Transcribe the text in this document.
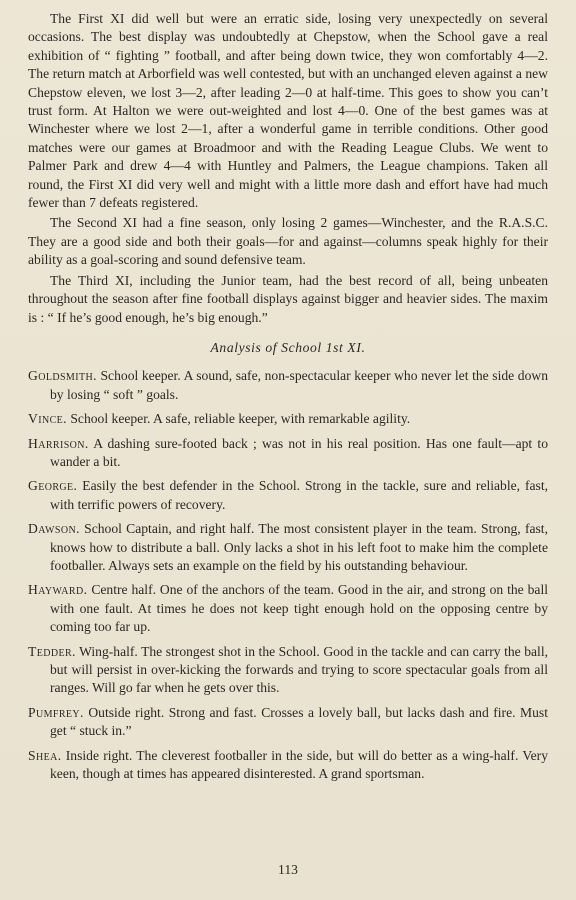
The First XI did well but were an erratic side, losing very unexpectedly on several occasions. The best display was undoubtedly at Chepstow, when the School gave a real exhibition of “ fighting ” football, and after being down twice, they won comfortably 4—2. The return match at Arborfield was well contested, but with an unchanged eleven against a new Chepstow eleven, we lost 3—2, after leading 2—0 at half-time. This goes to show you can’t trust form. At Halton we were out-weighted and lost 4—0. One of the best games was at Winchester where we lost 2—1, after a wonderful game in terrible conditions. Other good matches were our games at Broadmoor and with the Reading League Clubs. We went to Palmer Park and drew 4—4 with Huntley and Palmers, the League champions. Taken all round, the First XI did very well and might with a little more dash and effort have had much fewer than 7 defeats registered.

The Second XI had a fine season, only losing 2 games—Winchester, and the R.A.S.C. They are a good side and both their goals—for and against—columns speak highly for their ability as a goal-scoring and sound defensive team.

The Third XI, including the Junior team, had the best record of all, being unbeaten throughout the season after fine football displays against bigger and heavier sides. The maxim is : “ If he’s good enough, he’s big enough.”

Analysis of School 1st XI.

Goldsmith. School keeper. A sound, safe, non-spectacular keeper who never let the side down by losing “ soft ” goals.

Vince. School keeper. A safe, reliable keeper, with remarkable agility.

Harrison. A dashing sure-footed back ; was not in his real position. Has one fault—apt to wander a bit.

George. Easily the best defender in the School. Strong in the tackle, sure and reliable, fast, with terrific powers of recovery.

Dawson. School Captain, and right half. The most consistent player in the team. Strong, fast, knows how to distribute a ball. Only lacks a shot in his left foot to make him the complete footballer. Always sets an example on the field by his outstanding behaviour.

Hayward. Centre half. One of the anchors of the team. Good in the air, and strong on the ball with one fault. At times he does not keep tight enough hold on the opposing centre by coming too far up.

Tedder. Wing-half. The strongest shot in the School. Good in the tackle and can carry the ball, but will persist in over-kicking the forwards and trying to score spectacular goals from all ranges. Will go far when he gets over this.

Pumfrey. Outside right. Strong and fast. Crosses a lovely ball, but lacks dash and fire. Must get “ stuck in.”

Shea. Inside right. The cleverest footballer in the side, but will do better as a wing-half. Very keen, though at times has appeared disinterested. A grand sportsman.

113
